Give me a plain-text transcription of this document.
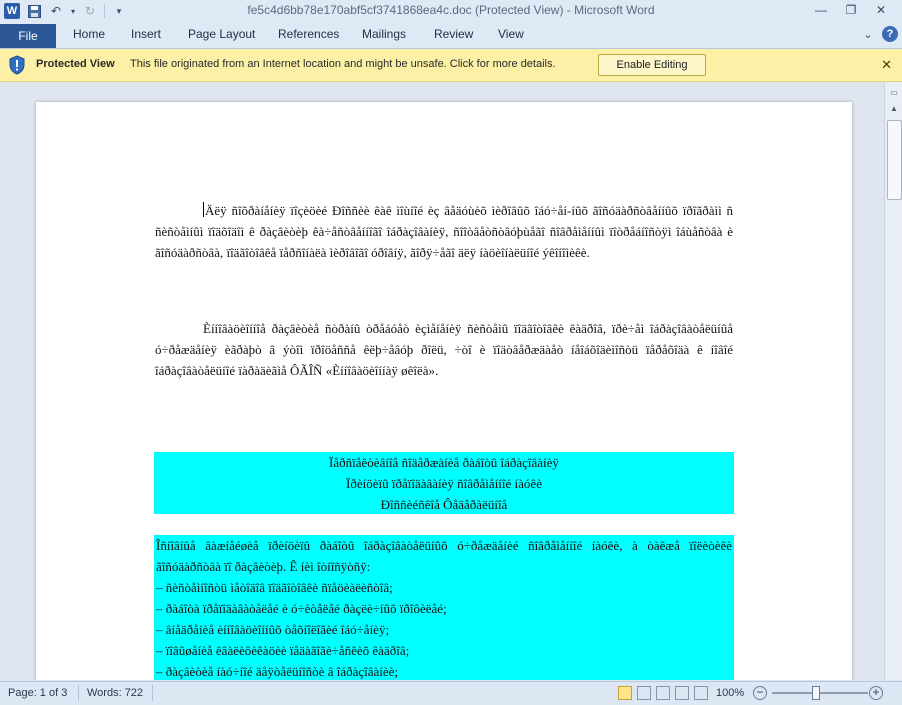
W	↶	▾ ↻	▾	fe5c4d6bb78e170abf5cf3741868ea4c.doc (Protected View) - Microsoft Word	—	❐	✕
File	Home Insert Page Layout References Mailings Review View	⌄	?
Protected View This file originated from an Internet location and might be unsafe. Click for more details.	Enable Editing	✕

Äëÿ ñîõðàíåíèÿ ïîçèöèé Ðîññèè êàê ìîùíîé èç âåäóùèõ ìèðîâûõ îáó÷åí-íûõ ãîñóäàðñòâåííûõ ïðîãðàìì ñ ñèñòåìíûì ïîäõîäîì ê ðàçâèòèþ êà÷åñòâåííîãî îáðàçîâàíèÿ, ñîîòâåòñòâóþùåãî ñîâðåìåííûì ïîòðåáíîñòÿì îáùåñòâà è ãîñóäàðñòâà, ïîäãîòîâêå ïåðñîíàëà ìèðîâîãî óðîâíÿ, ãîðÿ÷åãî äëÿ íàöèîíàëüíîé ýêîíîìèêè.

Èííîâàöèîííîå ðàçâèòèå ñòðàíû òðåáóåò èçìåíåíèÿ ñèñòåìû ïîäãîòîâêè êàäðîâ, ïðè÷åì îáðàçîâàòåëüíûå ó÷ðåæäåíèÿ èãðàþò â ýòîì ïðîöåññå êëþ÷åâóþ ðîëü, ÷òî è ïîäòâåðæäàåò íåîáõîäèìîñòü ïåðåõîäà ê íîâîé îáðàçîâàòåëüíîé ïàðàäèãìå ÔÃÎÑ «Èííîâàöèîííàÿ øêîëà».

Ïåðñïåêòèâíîå ñîäåðæàíèå ðàáîòû îáðàçîâàíèÿ
Ïðèíöèïû ïðåïîäàâàíèÿ ñîâðåìåííîé íàóêè
Ðîññèéñêîå Ôåäåðàëüíîå
Îñíîâíûå âàæíåéøèå ïðèíöèïû ðàáîòû îáðàçîâàòåëüíûõ ó÷ðåæäåíèé ñîâðåìåííîé íàóêè, à òàêæå ïîëèòèêè ãîñóäàðñòâà ïî ðàçâèòèþ. Ê íèì îòíîñÿòñÿ:
– ñèñòåìíîñòü ìåòîäîâ ïîäãîòîâêè ñïåöèàëèñòîâ;
– ðàáîòà ïðåïîäàâàòåëåé è ó÷èòåëåé ðàçëè÷íûõ ïðîôèëåé;
– âíåäðåíèå èííîâàöèîííûõ òåõíîëîãèé îáó÷åíèÿ;
– ïîâûøåíèå êâàëèôèêàöèè ïåäàãîãè÷åñêèõ êàäðîâ;
– ðàçâèòèå íàó÷íîé äåÿòåëüíîñòè â îáðàçîâàíèè;
▭
▲
Page: 1 of 3 Words: 722	100% −	+
